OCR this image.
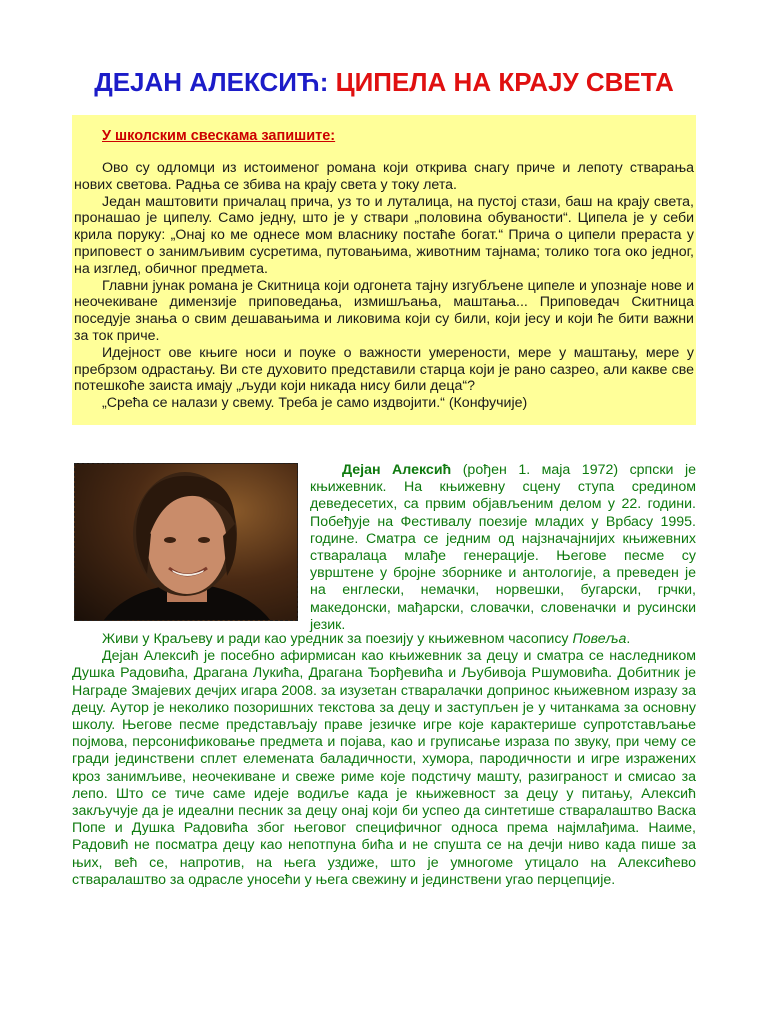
ДЕЈАН АЛЕКСИЋ: ЦИПЕЛА НА КРАЈУ СВЕТА
У школским свескама запишите:

Ово су одломци из истоименог романа који открива снагу приче и лепоту стварања нових светова. Радња се збива на крају света у току лета.

Један маштовити причалац прича, уз то и луталица, на пустој стази, баш на крају света, пронашао је ципелу. Само једну, што је у ствари „половина обуваности“. Ципела је у себи крила поруку: „Онај ко ме однесе мом власнику постаће богат.“ Прича о ципели прераста у приповест о занимљивим сусретима, путовањима, животним тајнама; толико тога око једног, на изглед, обичног предмета.

Главни јунак романа је Скитница који одгонета тајну изгубљене ципеле и упознаје нове и неочекиване димензије приповедања, измишљања, маштања... Приповедач Скитница поседује знања о свим дешавањима и ликовима који су били, који јесу и који ће бити важни за ток приче.

Идејност ове књиге носи и поуке о важности умерености, мере у маштању, мере у пребрзом одрастању. Ви сте духовито представили старца који је рано сазрео, али какве све потешкоће заиста имају „људи који никада нису били деца“?

„Срећа се налази у свему. Треба је само издвојити.“ (Конфучије)

Дејан Алексић (рођен 1. маја 1972) српски је књижевник. На књижевну сцену ступа средином деведесетих, са првим објављеним делом у 22. години. Побеђује на Фестивалу поезије младих у Врбасу 1995. године. Сматра се једним од најзначајнијих књижевних стваралаца млађе генерације. Његове песме су уврштене у бројне зборнике и антологије, а преведен је на енглески, немачки, норвешки, бугарски, грчки, македонски, мађарски, словачки, словеначки и русински језик.

Живи у Краљеву и ради као уредник за поезију у књижевном часопису Повеља.

Дејан Алексић је посебно афирмисан као књижевник за децу и сматра се наследником Душка Радовића, Драгана Лукића, Драгана Ђорђевића и Љубивоја Ршумовића. Добитник је Награде Змајевих дечјих игара 2008. за изузетан стваралачки допринос књижевном изразу за децу. Аутор је неколико позоришних текстова за децу и заступљен је у читанкама за основну школу. Његове песме представљају праве језичке игре које карактерише супротстављање појмова, персонификовање предмета и појава, као и груписање израза по звуку, при чему се гради јединствени сплет елемената баладичности, хумора, пародичности и игре изражених кроз занимљиве, неочекиване и свеже риме које подстичу машту, разиграност и смисао за лепо. Што се тиче саме идеје водиље када је књижевност за децу у питању, Алексић закључује да је идеални песник за децу онај који би успео да синтетише стваралаштво Васка Попе и Душка Радовића због његовог специфичног односа према најмлађима. Наиме, Радовић не посматра децу као непотпуна бића и не спушта се на дечји ниво када пише за њих, већ се, напротив, на њега уздиже, што је умногоме утицало на Алексићево стваралаштво за одрасле уносећи у њега свежину и јединствени угао перцепције.
